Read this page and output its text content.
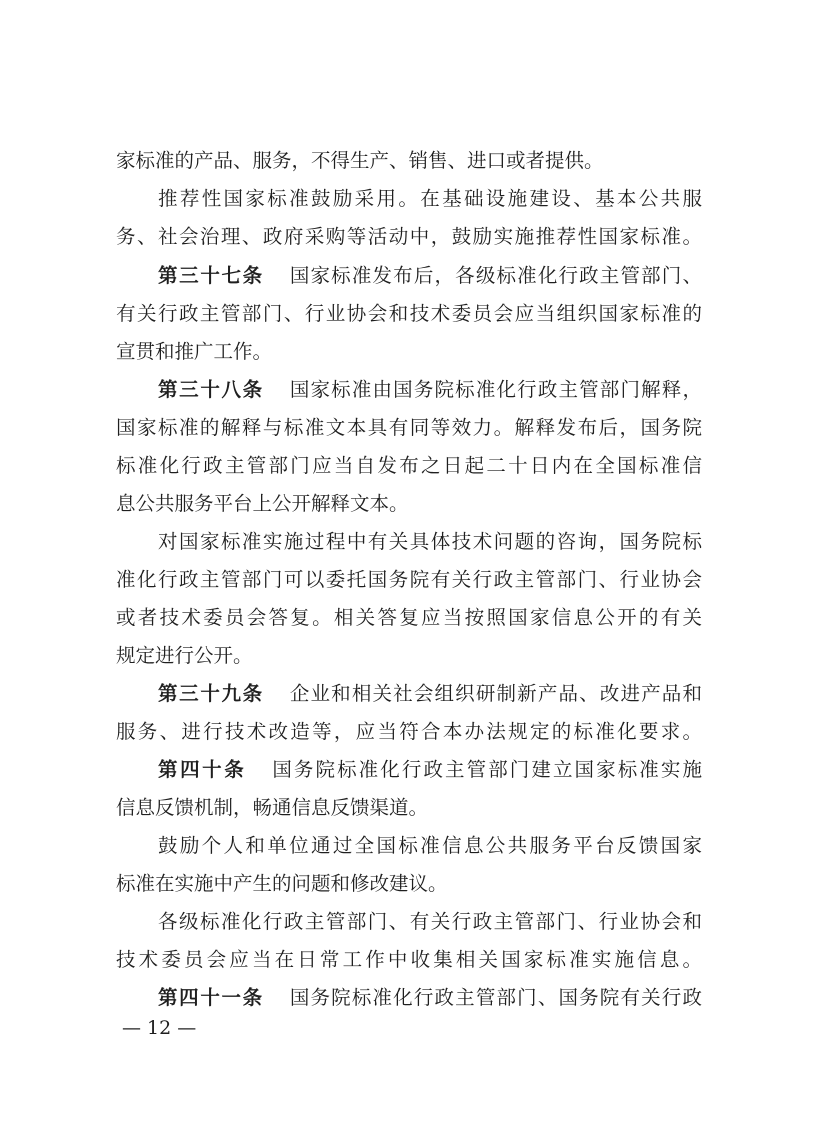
家标准的产品、服务，不得生产、销售、进口或者提供。
推荐性国家标准鼓励采用。在基础设施建设、基本公共服
务、社会治理、政府采购等活动中，鼓励实施推荐性国家标准。
第三十七条 国家标准发布后，各级标准化行政主管部门、
有关行政主管部门、行业协会和技术委员会应当组织国家标准的
宣贯和推广工作。
第三十八条 国家标准由国务院标准化行政主管部门解释，
国家标准的解释与标准文本具有同等效力。解释发布后，国务院
标准化行政主管部门应当自发布之日起二十日内在全国标准信
息公共服务平台上公开解释文本。
对国家标准实施过程中有关具体技术问题的咨询，国务院标
准化行政主管部门可以委托国务院有关行政主管部门、行业协会
或者技术委员会答复。相关答复应当按照国家信息公开的有关
规定进行公开。
第三十九条 企业和相关社会组织研制新产品、改进产品和
服务、进行技术改造等，应当符合本办法规定的标准化要求。
第四十条 国务院标准化行政主管部门建立国家标准实施
信息反馈机制，畅通信息反馈渠道。
鼓励个人和单位通过全国标准信息公共服务平台反馈国家
标准在实施中产生的问题和修改建议。
各级标准化行政主管部门、有关行政主管部门、行业协会和
技术委员会应当在日常工作中收集相关国家标准实施信息。
第四十一条 国务院标准化行政主管部门、国务院有关行政
— 12 —
